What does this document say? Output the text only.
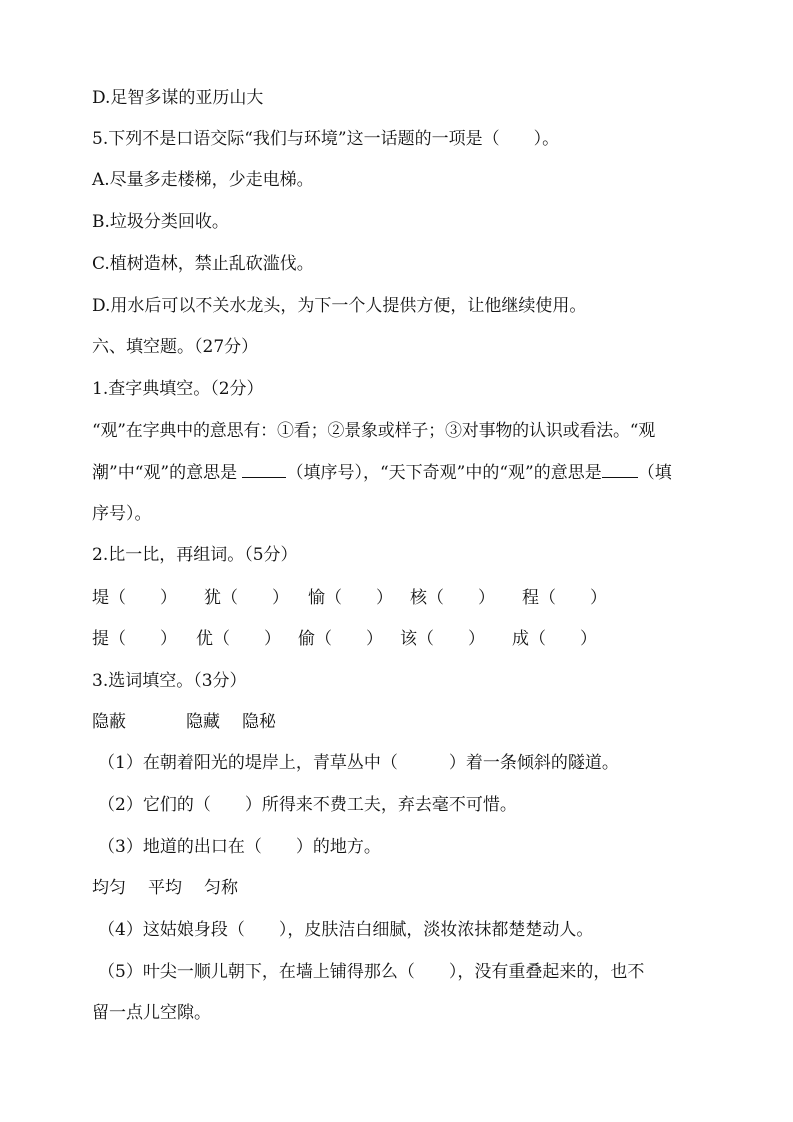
D.足智多谋的亚历山大
5.下列不是口语交际“我们与环境”这一话题的一项是（　　）。
A.尽量多走楼梯，少走电梯。
B.垃圾分类回收。
C.植树造林，禁止乱砍滥伐。
D.用水后可以不关水龙头，为下一个人提供方便，让他继续使用。
六、填空题。（27分）
1.查字典填空。（2分）
“观”在字典中的意思有：①看；②景象或样子；③对事物的认识或看法。“观
潮”中“观”的意思是	（填序号），“天下奇观”中的“观”的意思是 （填
序号）。
2.比一比，再组词。（5分）
堤（　　） 犹（　　） 愉（　　） 核（　　） 程（　　）
提（　　） 优（　　） 偷（　　） 该（　　） 成（　　）
3.选词填空。（3分）
隐蔽	隐藏 隐秘
（1）在朝着阳光的堤岸上，青草丛中（　　　）着一条倾斜的隧道。
（2）它们的（　　）所得来不费工夫，弃去毫不可惜。
（3）地道的出口在（　　）的地方。
均匀 平均 匀称
（4）这姑娘身段（　　），皮肤洁白细腻，淡妆浓抹都楚楚动人。
（5）叶尖一顺儿朝下，在墙上铺得那么（　　），没有重叠起来的，也不
留一点儿空隙。
